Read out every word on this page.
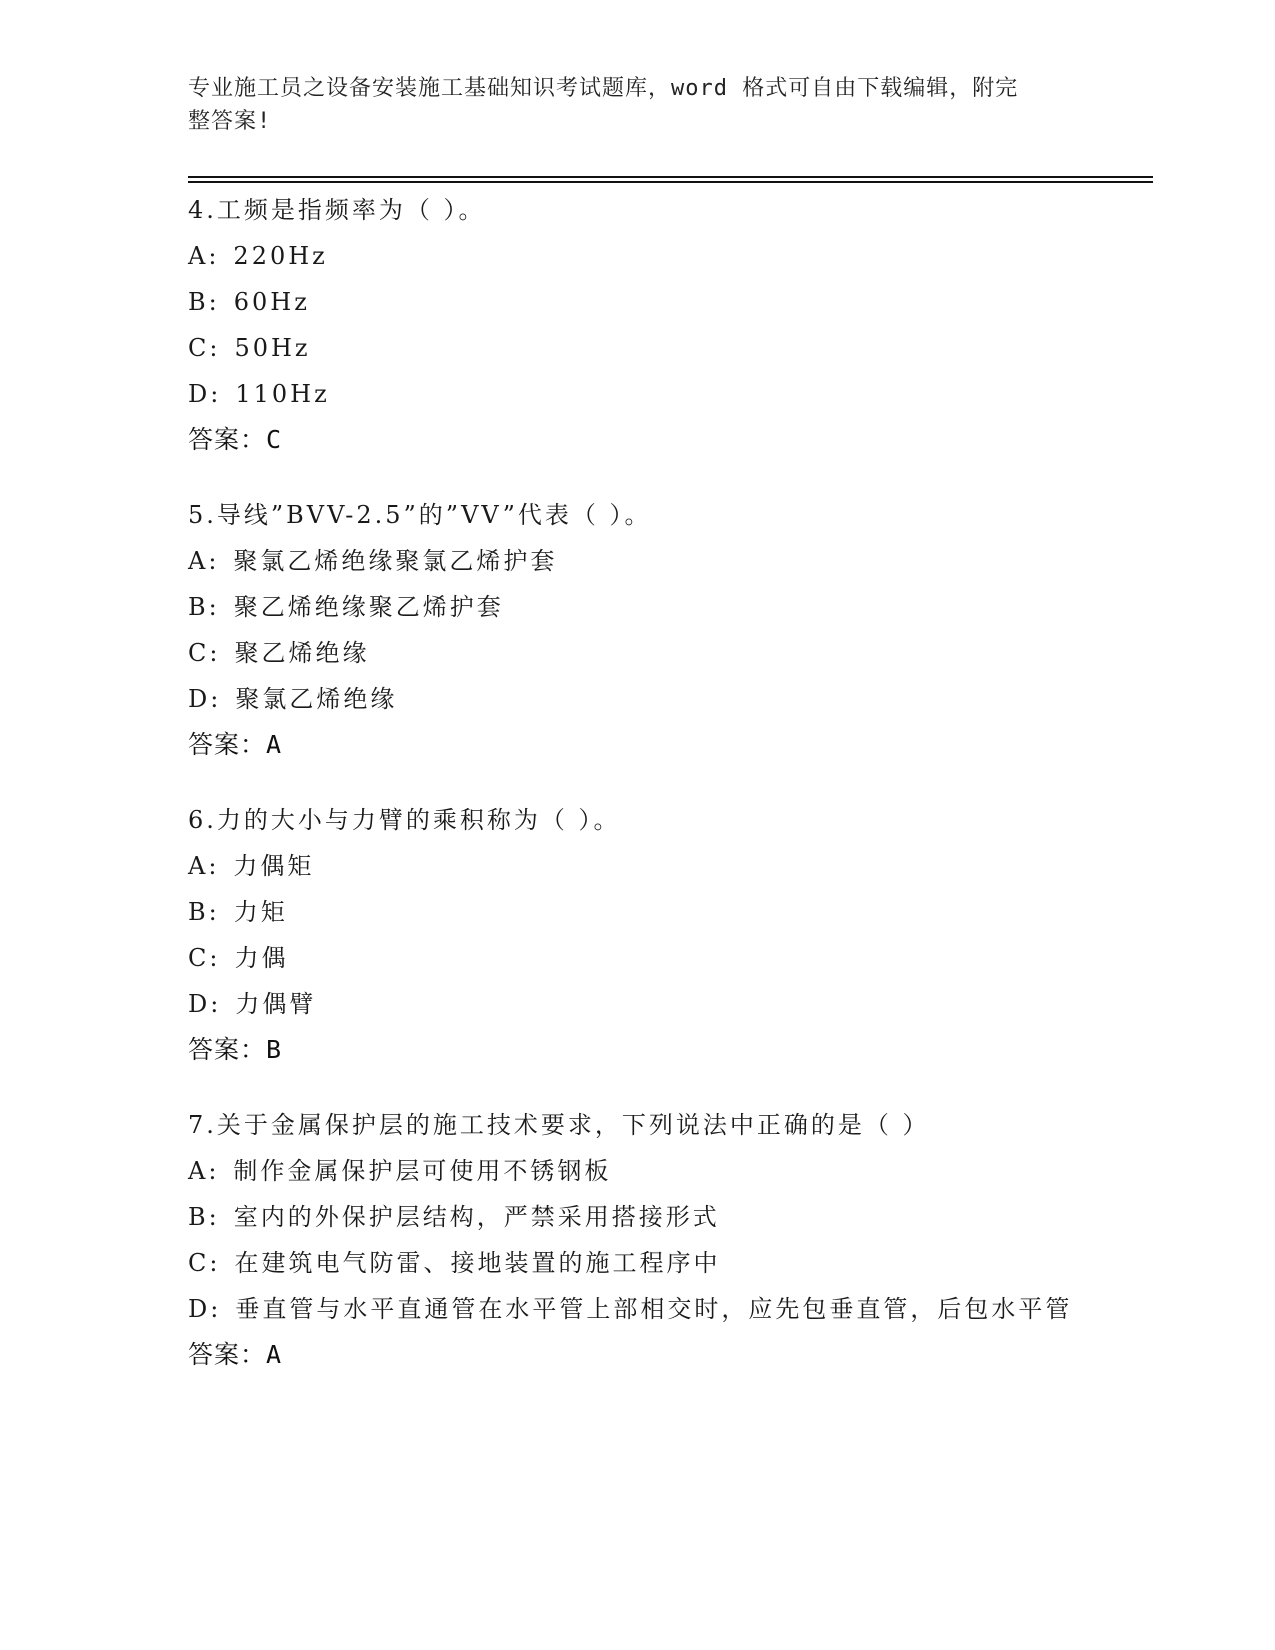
专业施工员之设备安装施工基础知识考试题库，word 格式可自由下载编辑，附完
整答案!
4.工频是指频率为（ ）。
A: 220Hz
B: 60Hz
C: 50Hz
D: 110Hz
答案：C
5.导线”BVV-2.5”的”VV”代表（ ）。
A: 聚氯乙烯绝缘聚氯乙烯护套
B: 聚乙烯绝缘聚乙烯护套
C: 聚乙烯绝缘
D: 聚氯乙烯绝缘
答案：A
6.力的大小与力臂的乘积称为（ ）。
A: 力偶矩
B: 力矩
C: 力偶
D: 力偶臂
答案：B
7.关于金属保护层的施工技术要求，下列说法中正确的是（ ）
A: 制作金属保护层可使用不锈钢板
B: 室内的外保护层结构，严禁采用搭接形式
C: 在建筑电气防雷、接地装置的施工程序中
D: 垂直管与水平直通管在水平管上部相交时，应先包垂直管，后包水平管
答案：A
